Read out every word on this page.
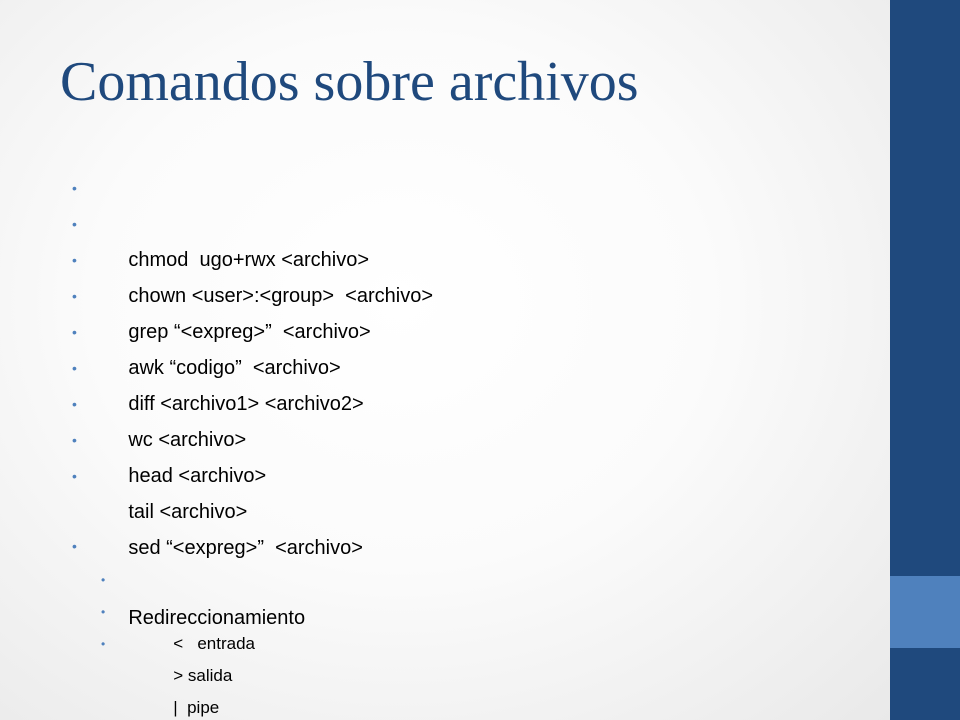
Comandos sobre archivos

•

chmod  ugo+rwx <archivo>

•

chown <user>:<group>  <archivo>

•

grep “<expreg>”  <archivo>

•

awk “codigo”  <archivo>

•

diff <archivo1> <archivo2>

•

wc <archivo>

•

head <archivo>

•

tail <archivo>

•

sed “<expreg>”  <archivo>

•

Redireccionamiento

•

<   entrada

•

> salida

•

|  pipe
